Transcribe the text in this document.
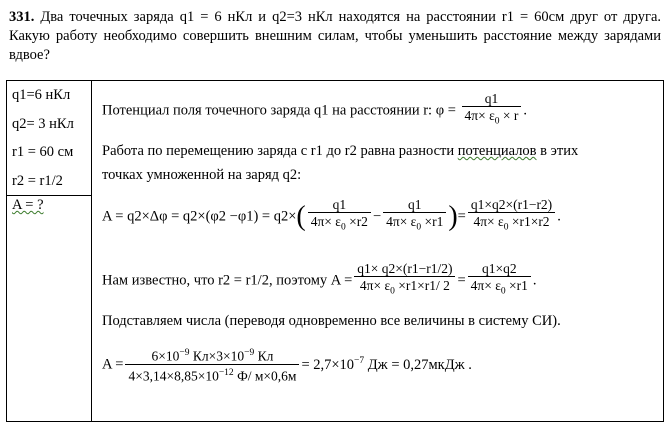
331. Два точечных заряда q1 = 6 нКл и q2=3 нКл находятся на расстоянии r1 = 60см друг от друга. Какую работу необходимо совершить внешним силам, чтобы уменьшить расстояние между зарядами вдвое?
q1=6 нКл
q2= 3 нКл
r1 = 60 см
r2 = r1/2
A = ?

Потенциал поля точечного заряда q1 на расстоянии r: $\varphi = \frac{q1}{4\pi\times \varepsilon_0 \times r}$ .
Работа по перемещению заряда с r1 до r2 равна разности потенциалов в этих
точках умноженной на заряд q2:
$A = q2\times\Delta\varphi = q2\times(\varphi 2 -\varphi 1) = q2\times( \frac{q1}{4\pi\times \varepsilon_0 \times r2} - \frac{q1}{4\pi\times \varepsilon_0 \times r1}$ )= $\frac{q1\times q2\times(r1-r2)}{4\pi\times \varepsilon_0 \times r1\times r2}$ .
Нам известно, что r2 = r1/2, поэтому $A = \frac{q1\times q2\times(r1-r1/2)}{4\pi\times \varepsilon_0 \times r1\times r1/ 2} = \frac{q1\times q2}{4\pi\times \varepsilon_0 \times r1}$ .
Подставляем числа (переводя одновременно все величины в систему СИ).
$A = \frac{6\times 10^{-9} Кл\times 3\times 10^{-9} Кл}{4\times 3,14\times 8,85\times 10^{-12} Ф/ м\times 0,6м} = 2,7\times 10^{-7}$ Дж = 0,27мкДж .
